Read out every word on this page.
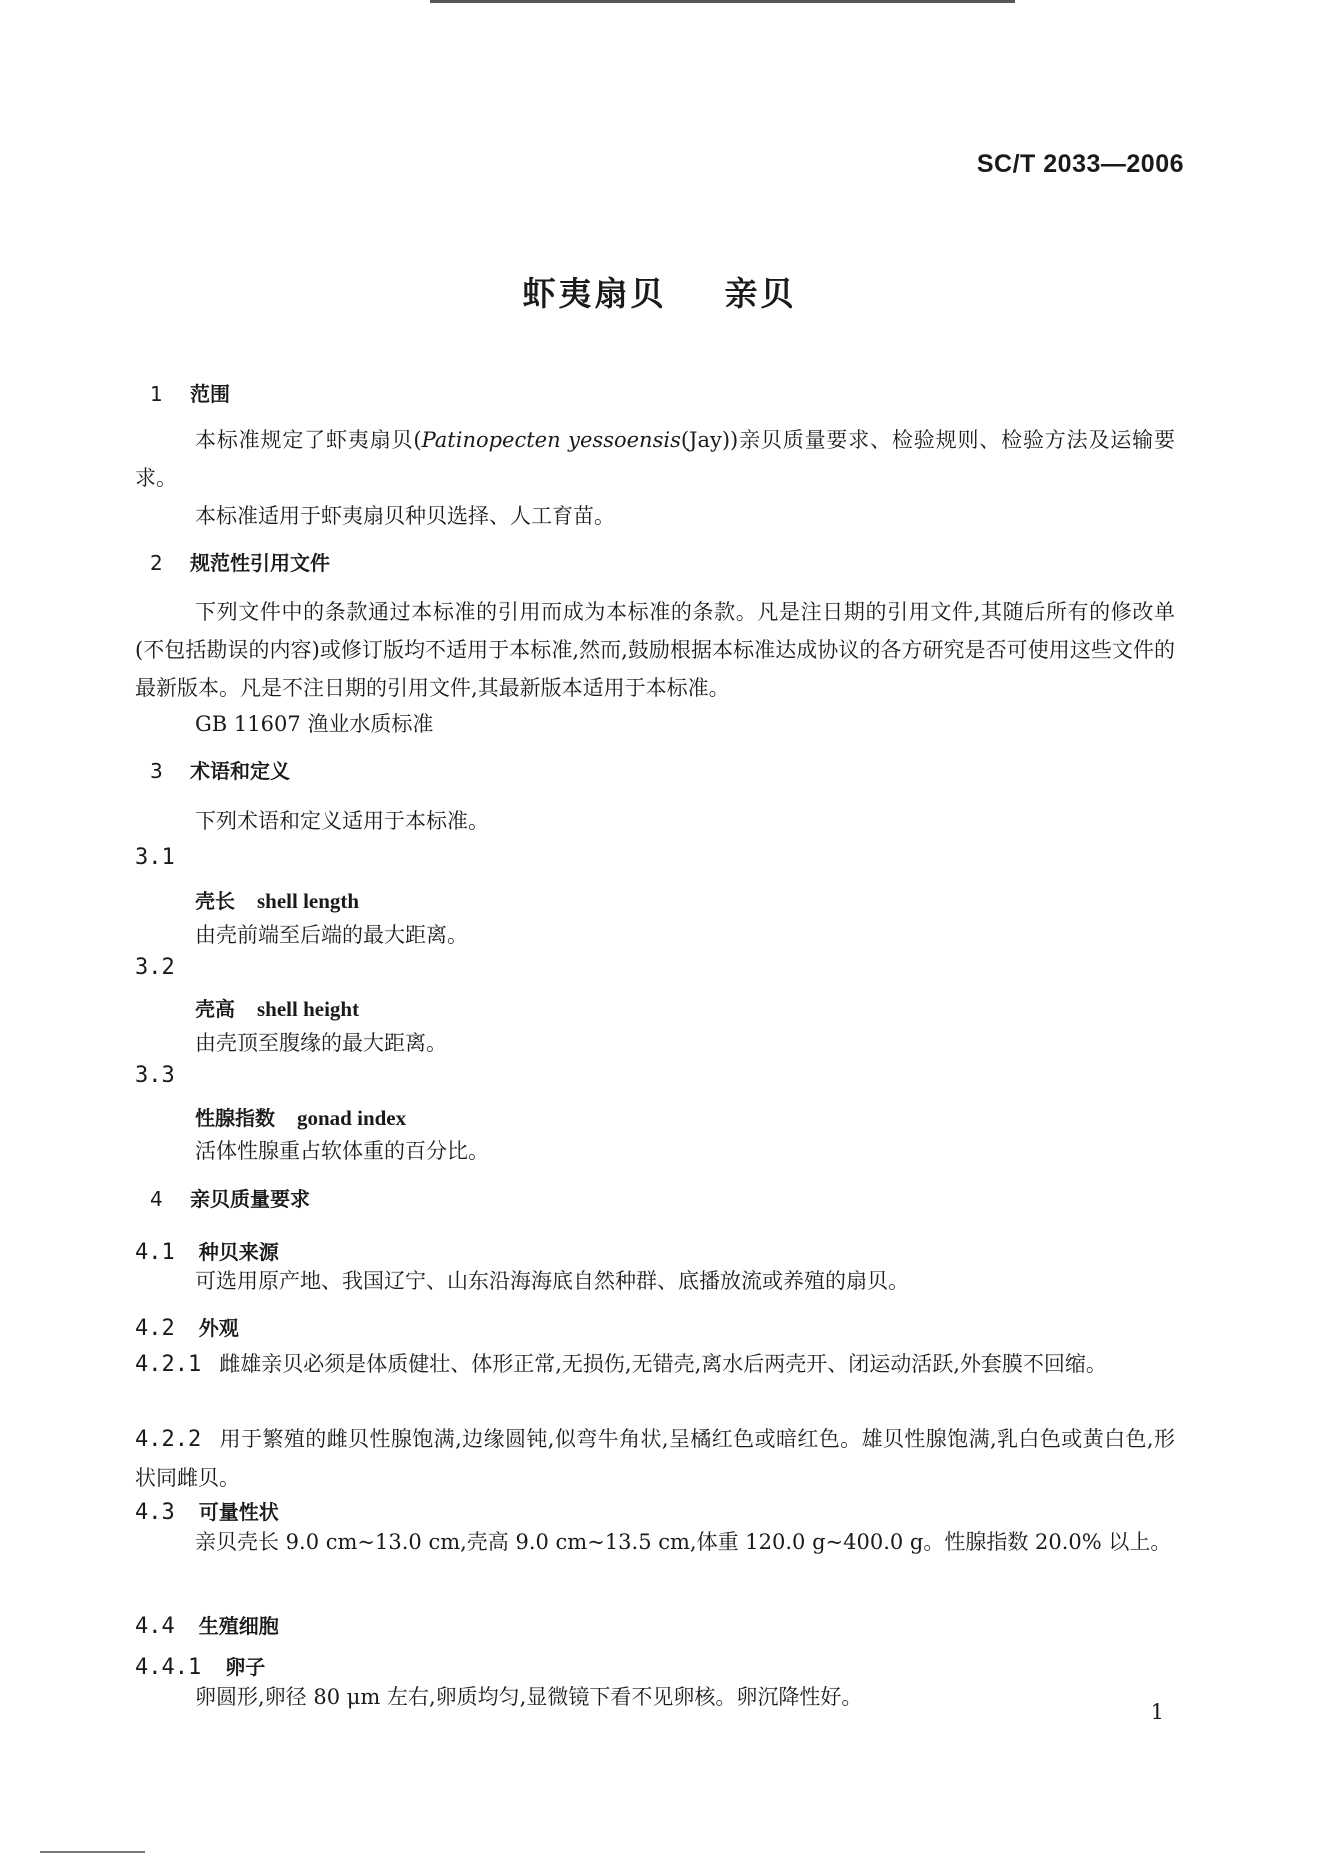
SC/T 2033—2006
虾夷扇贝    亲贝
1 范围
本标准规定了虾夷扇贝(Patinopecten yessoensis(Jay))亲贝质量要求、检验规则、检验方法及运输要求。
本标准适用于虾夷扇贝种贝选择、人工育苗。
2 规范性引用文件
下列文件中的条款通过本标准的引用而成为本标准的条款。凡是注日期的引用文件,其随后所有的修改单(不包括勘误的内容)或修订版均不适用于本标准,然而,鼓励根据本标准达成协议的各方研究是否可使用这些文件的最新版本。凡是不注日期的引用文件,其最新版本适用于本标准。
GB 11607 渔业水质标准
3 术语和定义
下列术语和定义适用于本标准。
3.1
壳长 shell length
由壳前端至后端的最大距离。
3.2
壳高 shell height
由壳顶至腹缘的最大距离。
3.3
性腺指数 gonad index
活体性腺重占软体重的百分比。
4 亲贝质量要求
4.1 种贝来源
可选用原产地、我国辽宁、山东沿海海底自然种群、底播放流或养殖的扇贝。
4.2 外观
4.2.1 雌雄亲贝必须是体质健壮、体形正常,无损伤,无错壳,离水后两壳开、闭运动活跃,外套膜不回缩。
4.2.2 用于繁殖的雌贝性腺饱满,边缘圆钝,似弯牛角状,呈橘红色或暗红色。雄贝性腺饱满,乳白色或黄白色,形状同雌贝。
4.3 可量性状
亲贝壳长 9.0 cm~13.0 cm,壳高 9.0 cm~13.5 cm,体重 120.0 g~400.0 g。性腺指数 20.0% 以上。
4.4 生殖细胞
4.4.1 卵子
卵圆形,卵径 80 μm 左右,卵质均匀,显微镜下看不见卵核。卵沉降性好。
1
